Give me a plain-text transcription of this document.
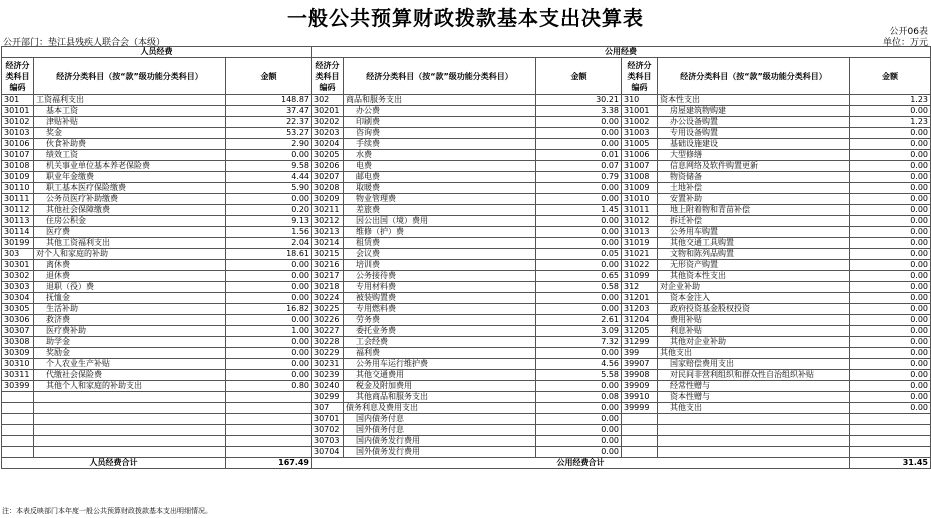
一般公共预算财政拨款基本支出决算表
公开06表
公开部门：垫江县残疾人联合会（本级）	单位：万元
人员经费			公用经费					
经济分类科目编码	经济分类科目（按“款”级功能分类科目）	金额	经济分类科目编码	经济分类科目（按“款”级功能分类科目）	金额	经济分类科目编码	经济分类科目（按“款”级功能分类科目）	金额
301	工资福利支出	148.87	302	商品和服务支出	30.21	310	资本性支出	1.23
30101	基本工资	37.47	30201	办公费	3.38	31001	房屋建筑物购建	0.00
30102	津贴补贴	22.37	30202	印刷费	0.00	31002	办公设备购置	1.23
30103	奖金	53.27	30203	咨询费	0.00	31003	专用设备购置	0.00
30106	伙食补助费	2.90	30204	手续费	0.00	31005	基础设施建设	0.00
30107	绩效工资	0.00	30205	水费	0.01	31006	大型修缮	0.00
30108	机关事业单位基本养老保险费	9.58	30206	电费	0.07	31007	信息网络及软件购置更新	0.00
30109	职业年金缴费	4.44	30207	邮电费	0.79	31008	物资储备	0.00
30110	职工基本医疗保险缴费	5.90	30208	取暖费	0.00	31009	土地补偿	0.00
30111	公务员医疗补助缴费	0.00	30209	物业管理费	0.00	31010	安置补助	0.00
30112	其他社会保障缴费	0.20	30211	差旅费	1.45	31011	地上附着物和青苗补偿	0.00
30113	住房公积金	9.13	30212	因公出国（境）费用	0.00	31012	拆迁补偿	0.00
30114	医疗费	1.56	30213	维修（护）费	0.00	31013	公务用车购置	0.00
30199	其他工资福利支出	2.04	30214	租赁费	0.00	31019	其他交通工具购置	0.00
303	对个人和家庭的补助	18.61	30215	会议费	0.05	31021	文物和陈列品购置	0.00
30301	离休费	0.00	30216	培训费	0.00	31022	无形资产购置	0.00
30302	退休费	0.00	30217	公务接待费	0.65	31099	其他资本性支出	0.00
30303	退职（役）费	0.00	30218	专用材料费	0.58	312	对企业补助	0.00
30304	抚恤金	0.00	30224	被装购置费	0.00	31201	资本金注入	0.00
30305	生活补助	16.82	30225	专用燃料费	0.00	31203	政府投资基金股权投资	0.00
30306	救济费	0.00	30226	劳务费	2.61	31204	费用补贴	0.00
30307	医疗费补助	1.00	30227	委托业务费	3.09	31205	利息补贴	0.00
30308	助学金	0.00	30228	工会经费	7.32	31299	其他对企业补助	0.00
30309	奖励金	0.00	30229	福利费	0.00	399	其他支出	0.00
30310	个人农业生产补贴	0.00	30231	公务用车运行维护费	4.56	39907	国家赔偿费用支出	0.00
30311	代缴社会保险费	0.00	30239	其他交通费用	5.58	39908	对民间非营利组织和群众性自治组织补贴	0.00
30399	其他个人和家庭的补助支出	0.80	30240	税金及附加费用	0.00	39909	经常性赠与	0.00
			30299	其他商品和服务支出	0.08	39910	资本性赠与	0.00
			307	债务利息及费用支出	0.00	39999	其他支出	0.00
			30701	国内债务付息	0.00			
			30702	国外债务付息	0.00			
			30703	国内债务发行费用	0.00			
			30704	国外债务发行费用	0.00			
人员经费合计		167.49	公用经费合计					31.45
注：本表反映部门本年度一般公共预算财政拨款基本支出明细情况。
